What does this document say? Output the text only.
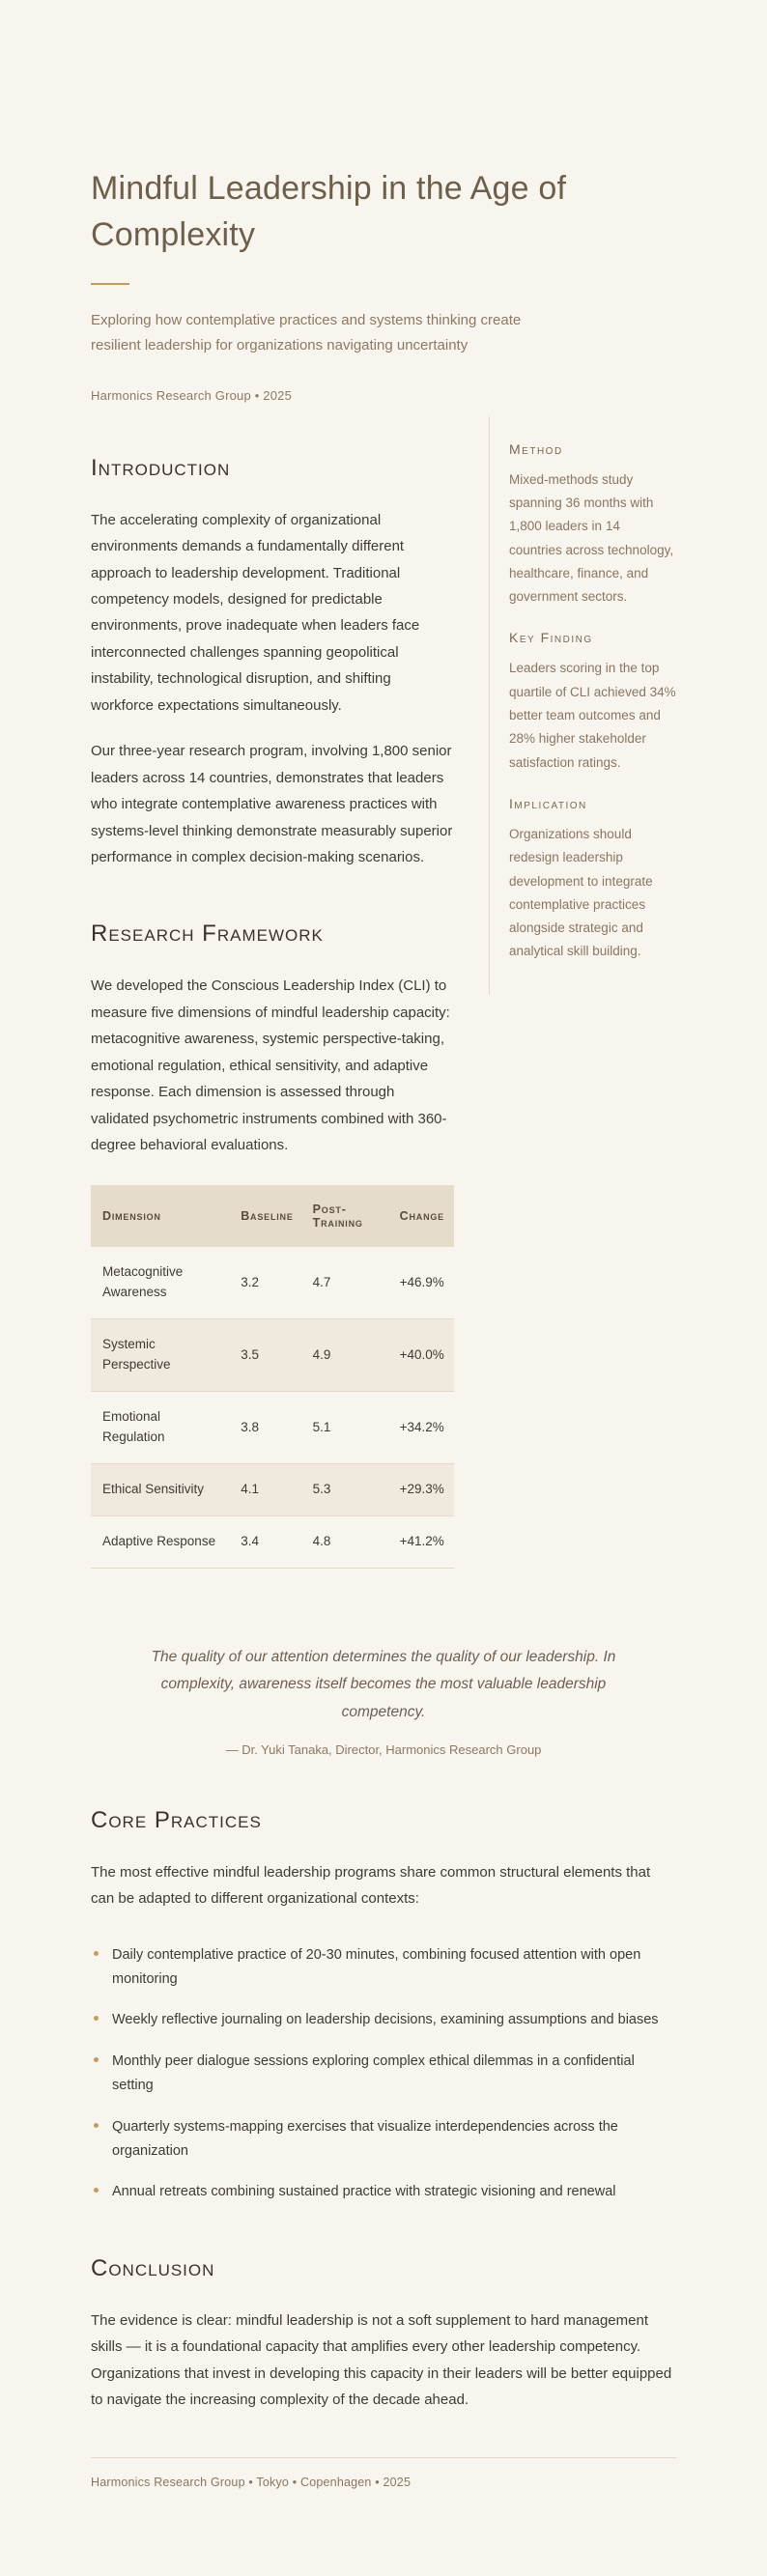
Mindful Leadership in the Age of Complexity

Exploring how contemplative practices and systems thinking create resilient leadership for organizations navigating uncertainty

Harmonics Research Group • 2025

Introduction

The accelerating complexity of organizational environments demands a fundamentally different approach to leadership development. Traditional competency models, designed for predictable environments, prove inadequate when leaders face interconnected challenges spanning geopolitical instability, technological disruption, and shifting workforce expectations simultaneously.

Our three-year research program, involving 1,800 senior leaders across 14 countries, demonstrates that leaders who integrate contemplative awareness practices with systems-level thinking demonstrate measurably superior performance in complex decision-making scenarios.

Research Framework

We developed the Conscious Leadership Index (CLI) to measure five dimensions of mindful leadership capacity: metacognitive awareness, systemic perspective-taking, emotional regulation, ethical sensitivity, and adaptive response. Each dimension is assessed through validated psychometric instruments combined with 360-degree behavioral evaluations.

Dimension	Baseline	Post-Training	Change
Metacognitive Awareness	3.2	4.7	+46.9%
Systemic Perspective	3.5	4.9	+40.0%
Emotional Regulation	3.8	5.1	+34.2%
Ethical Sensitivity	4.1	5.3	+29.3%
Adaptive Response	3.4	4.8	+41.2%
Method

Mixed-methods study spanning 36 months with 1,800 leaders in 14 countries across technology, healthcare, finance, and government sectors.

Key Finding

Leaders scoring in the top quartile of CLI achieved 34% better team outcomes and 28% higher stakeholder satisfaction ratings.

Implication

Organizations should redesign leadership development to integrate contemplative practices alongside strategic and analytical skill building.

The quality of our attention determines the quality of our leadership. In complexity, awareness itself becomes the most valuable leadership competency.

— Dr. Yuki Tanaka, Director, Harmonics Research Group

Core Practices

The most effective mindful leadership programs share common structural elements that can be adapted to different organizational contexts:

Daily contemplative practice of 20-30 minutes, combining focused attention with open monitoring
Weekly reflective journaling on leadership decisions, examining assumptions and biases
Monthly peer dialogue sessions exploring complex ethical dilemmas in a confidential setting
Quarterly systems-mapping exercises that visualize interdependencies across the organization
Annual retreats combining sustained practice with strategic visioning and renewal
Conclusion

The evidence is clear: mindful leadership is not a soft supplement to hard management skills — it is a foundational capacity that amplifies every other leadership competency. Organizations that invest in developing this capacity in their leaders will be better equipped to navigate the increasing complexity of the decade ahead.

Harmonics Research Group • Tokyo • Copenhagen • 2025
